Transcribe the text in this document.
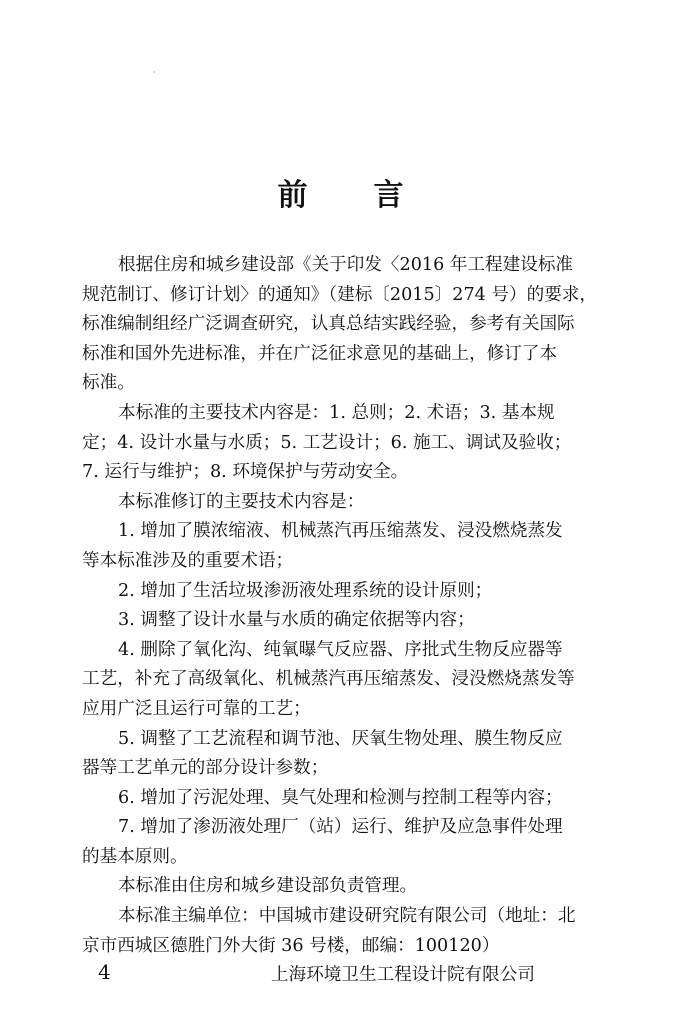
前 言
根据住房和城乡建设部《关于印发〈2016 年工程建设标准
规范制订、修订计划〉的通知》（建标〔2015〕274 号）的要求，
标准编制组经广泛调查研究，认真总结实践经验，参考有关国际
标准和国外先进标准，并在广泛征求意见的基础上，修订了本
标准。
本标准的主要技术内容是：1. 总则；2. 术语；3. 基本规
定；4. 设计水量与水质；5. 工艺设计；6. 施工、调试及验收；
7. 运行与维护；8. 环境保护与劳动安全。
本标准修订的主要技术内容是：
1. 增加了膜浓缩液、机械蒸汽再压缩蒸发、浸没燃烧蒸发
等本标准涉及的重要术语；
2. 增加了生活垃圾渗沥液处理系统的设计原则；
3. 调整了设计水量与水质的确定依据等内容；
4. 删除了氧化沟、纯氧曝气反应器、序批式生物反应器等
工艺，补充了高级氧化、机械蒸汽再压缩蒸发、浸没燃烧蒸发等
应用广泛且运行可靠的工艺；
5. 调整了工艺流程和调节池、厌氧生物处理、膜生物反应
器等工艺单元的部分设计参数；
6. 增加了污泥处理、臭气处理和检测与控制工程等内容；
7. 增加了渗沥液处理厂（站）运行、维护及应急事件处理
的基本原则。
本标准由住房和城乡建设部负责管理。
本标准主编单位：中国城市建设研究院有限公司（地址：北
京市西城区德胜门外大街 36 号楼，邮编：100120）
上海环境卫生工程设计院有限公司
4
